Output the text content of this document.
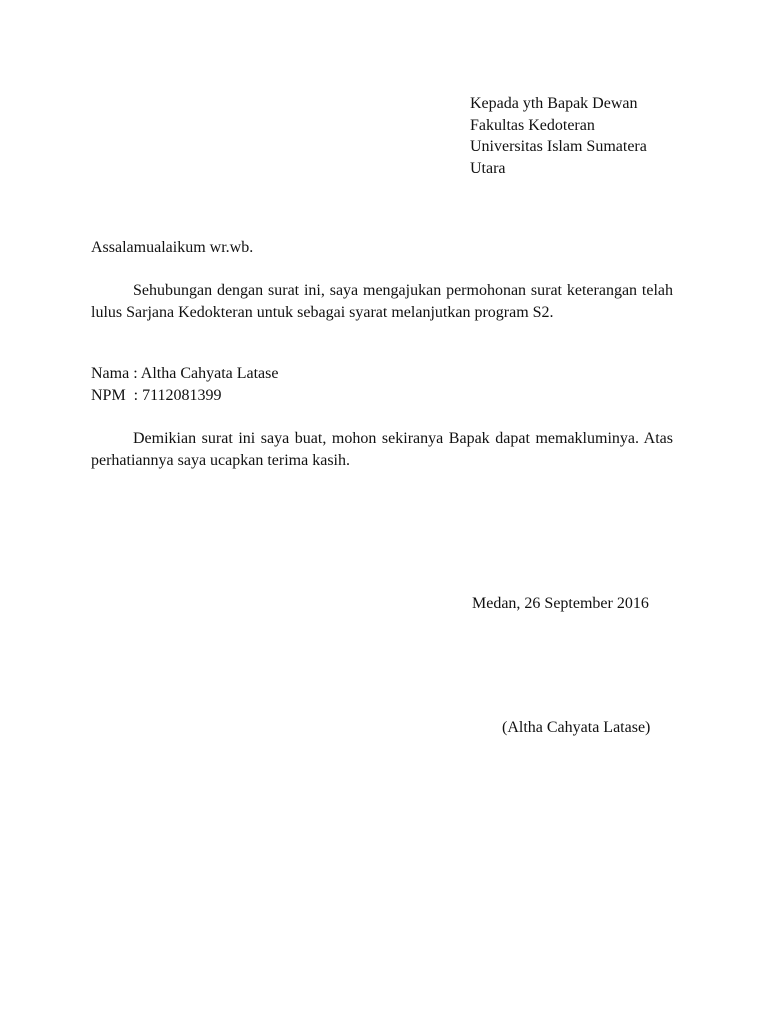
Kepada yth Bapak Dewan
Fakultas Kedoteran
Universitas Islam Sumatera
Utara
Assalamualaikum wr.wb.
Sehubungan dengan surat ini, saya mengajukan permohonan surat keterangan telah lulus Sarjana Kedokteran untuk sebagai syarat melanjutkan program S2.
Nama : Altha Cahyata Latase
NPM  : 7112081399
Demikian surat ini saya buat, mohon sekiranya Bapak dapat memakluminya. Atas perhatiannya saya ucapkan terima kasih.
Medan, 26 September 2016
(Altha Cahyata Latase)
